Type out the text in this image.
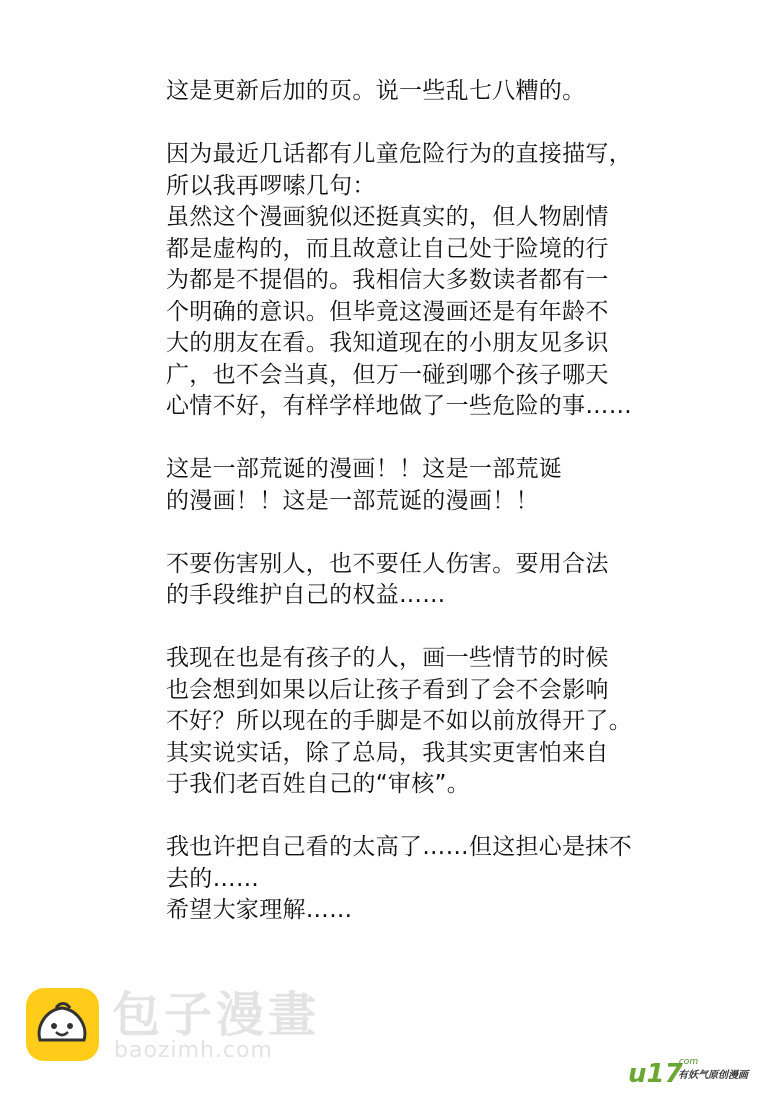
这是更新后加的页。说一些乱七八糟的。
因为最近几话都有儿童危险行为的直接描写，
所以我再啰嗦几句：
虽然这个漫画貌似还挺真实的，但人物剧情
都是虚构的，而且故意让自己处于险境的行
为都是不提倡的。我相信大多数读者都有一
个明确的意识。但毕竟这漫画还是有年龄不
大的朋友在看。我知道现在的小朋友见多识
广，也不会当真，但万一碰到哪个孩子哪天
心情不好，有样学样地做了一些危险的事……
这是一部荒诞的漫画！！这是一部荒诞
的漫画！！这是一部荒诞的漫画！！
不要伤害别人，也不要任人伤害。要用合法
的手段维护自己的权益……
我现在也是有孩子的人，画一些情节的时候
也会想到如果以后让孩子看到了会不会影响
不好？所以现在的手脚是不如以前放得开了。
其实说实话，除了总局，我其实更害怕来自
于我们老百姓自己的“审核”。
我也许把自己看的太高了……但这担心是抹不
去的……
希望大家理解……
包子漫畫
baozimh.com
u17
.com
有妖气原创漫画
